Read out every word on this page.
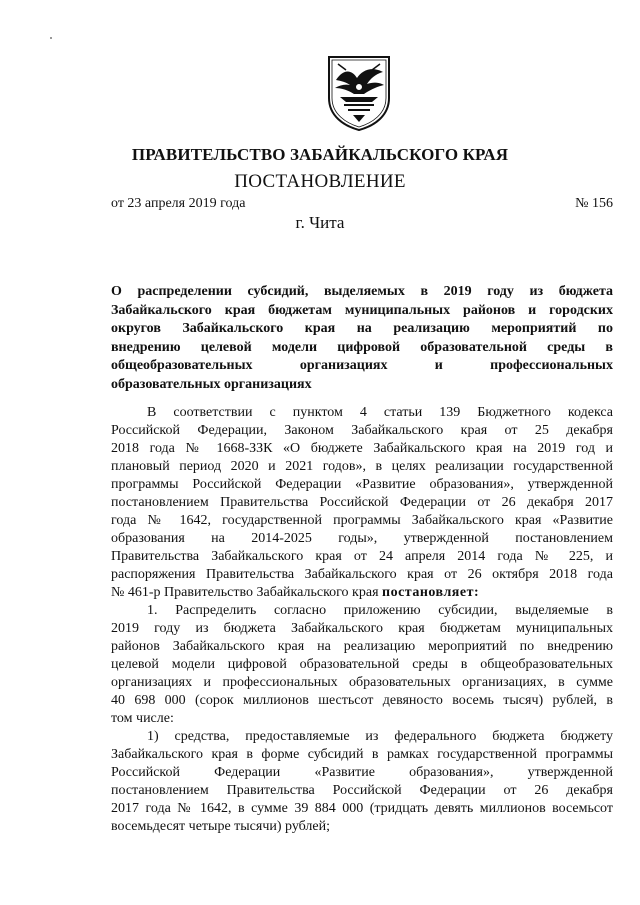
ПРАВИТЕЛЬСТВО ЗАБАЙКАЛЬСКОГО КРАЯ
ПОСТАНОВЛЕНИЕ
от 23 апреля 2019 года	№ 156
г. Чита
О распределении субсидий, выделяемых в 2019 году из бюджета
Забайкальского края бюджетам муниципальных районов и городских
округов Забайкальского края на реализацию мероприятий по
внедрению целевой модели цифровой образовательной среды в
общеобразовательных организациях и профессиональных
образовательных организациях
В соответствии с пунктом 4 статьи 139 Бюджетного кодекса
Российской Федерации, Законом Забайкальского края от 25 декабря
2018 года № 1668-ЗЗК «О бюджете Забайкальского края на 2019 год и
плановый период 2020 и 2021 годов», в целях реализации государственной
программы Российской Федерации «Развитие образования», утвержденной
постановлением Правительства Российской Федерации от 26 декабря 2017
года № 1642, государственной программы Забайкальского края «Развитие
образования на 2014-2025 годы», утвержденной постановлением
Правительства Забайкальского края от 24 апреля 2014 года № 225, и
распоряжения Правительства Забайкальского края от 26 октября 2018 года
№ 461-р Правительство Забайкальского края постановляет:
1. Распределить согласно приложению субсидии, выделяемые в
2019 году из бюджета Забайкальского края бюджетам муниципальных
районов Забайкальского края на реализацию мероприятий по внедрению
целевой модели цифровой образовательной среды в общеобразовательных
организациях и профессиональных образовательных организациях, в сумме
40 698 000 (сорок миллионов шестьсот девяносто восемь тысяч) рублей, в
том числе:
1) средства, предоставляемые из федерального бюджета бюджету
Забайкальского края в форме субсидий в рамках государственной программы
Российской Федерации «Развитие образования», утвержденной
постановлением Правительства Российской Федерации от 26 декабря
2017 года № 1642, в сумме 39 884 000 (тридцать девять миллионов восемьсот
восемьдесят четыре тысячи) рублей;
